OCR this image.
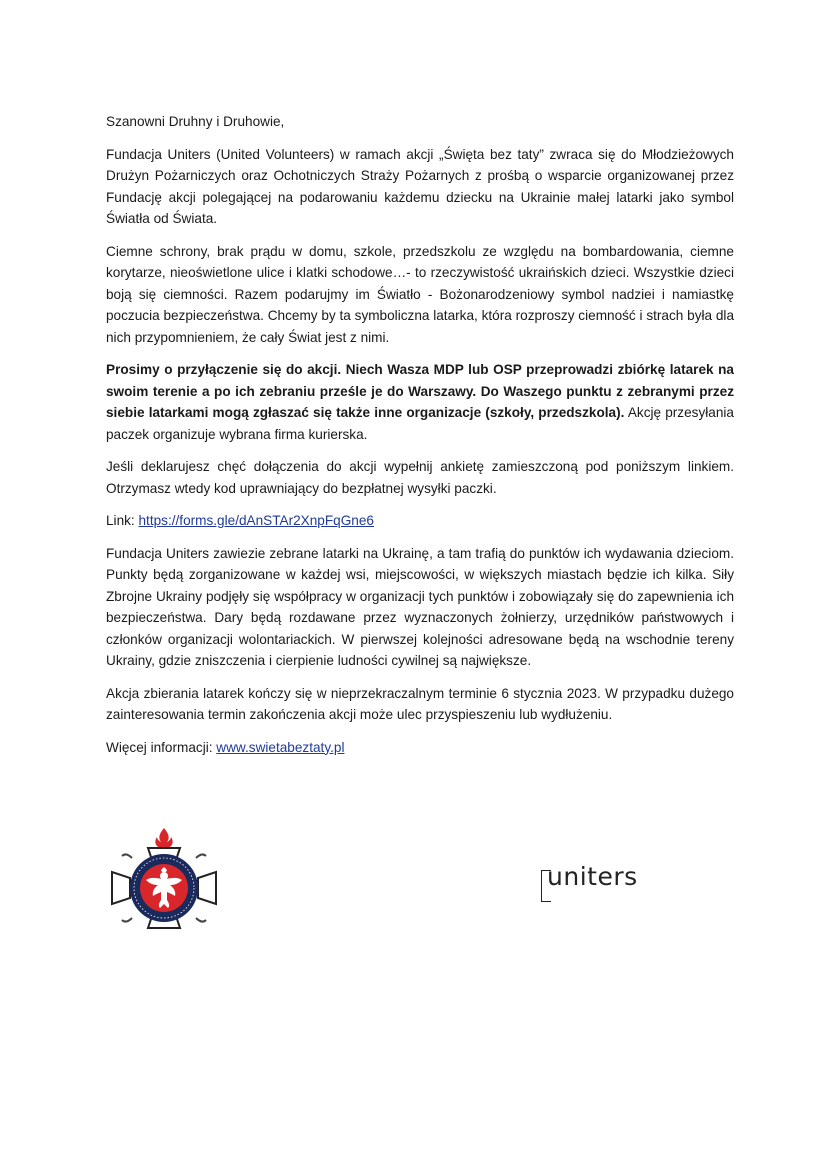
Szanowni Druhny i Druhowie,

Fundacja Uniters (United Volunteers) w ramach akcji „Święta bez taty” zwraca się do Młodzieżowych Drużyn Pożarniczych oraz Ochotniczych Straży Pożarnych z prośbą o wsparcie organizowanej przez Fundację akcji polegającej na podarowaniu każdemu dziecku na Ukrainie małej latarki jako symbol Światła od Świata.

Ciemne schrony, brak prądu w domu, szkole, przedszkolu ze względu na bombardowania, ciemne korytarze, nieoświetlone ulice i klatki schodowe…- to rzeczywistość ukraińskich dzieci. Wszystkie dzieci boją się ciemności. Razem podarujmy im Światło - Bożonarodzeniowy symbol nadziei i namiastkę poczucia bezpieczeństwa. Chcemy by ta symboliczna latarka, która rozproszy ciemność i strach była dla nich przypomnieniem, że cały Świat jest z nimi.

Prosimy o przyłączenie się do akcji. Niech Wasza MDP lub OSP przeprowadzi zbiórkę latarek na swoim terenie a po ich zebraniu prześle je do Warszawy. Do Waszego punktu z zebranymi przez siebie latarkami mogą zgłaszać się także inne organizacje (szkoły, przedszkola). Akcję przesyłania paczek organizuje wybrana firma kurierska.

Jeśli deklarujesz chęć dołączenia do akcji wypełnij ankietę zamieszczoną pod poniższym linkiem. Otrzymasz wtedy kod uprawniający do bezpłatnej wysyłki paczki.

Link: https://forms.gle/dAnSTAr2XnpFqGne6

Fundacja Uniters zawiezie zebrane latarki na Ukrainę, a tam trafią do punktów ich wydawania dzieciom. Punkty będą zorganizowane w każdej wsi, miejscowości, w większych miastach będzie ich kilka. Siły Zbrojne Ukrainy podjęły się współpracy w organizacji tych punktów i zobowiązały się do zapewnienia ich bezpieczeństwa. Dary będą rozdawane przez wyznaczonych żołnierzy, urzędników państwowych i członków organizacji wolontariackich. W pierwszej kolejności adresowane będą na wschodnie tereny Ukrainy, gdzie zniszczenia i cierpienie ludności cywilnej są największe.

Akcja zbierania latarek kończy się w nieprzekraczalnym terminie 6 stycznia 2023. W przypadku dużego zainteresowania termin zakończenia akcji może ulec przyspieszeniu lub wydłużeniu.

Więcej informacji: www.swietabeztaty.pl

uniters
